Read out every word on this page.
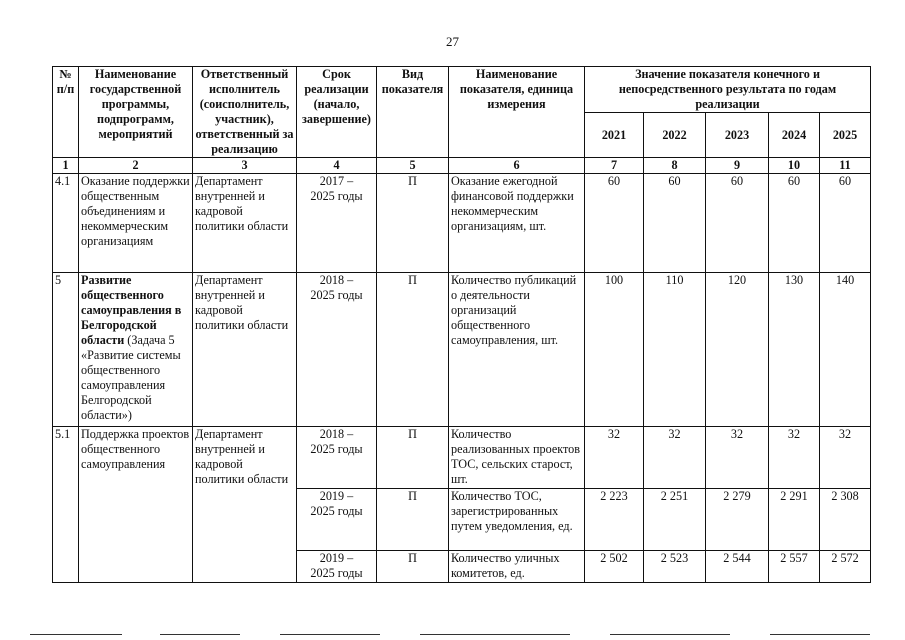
27
№
п/п	Наименование государственной программы, подпрограмм, мероприятий	Ответственный исполнитель (соисполнитель, участник), ответственный за реализацию	Срок реализации (начало, завершение)	Вид показателя	Наименование показателя, единица измерения	Значение показателя конечного и непосредственного результата по годам реализации				
						2021	2022	2023	2024	2025
1	2	3	4	5	6	7	8	9	10	11
4.1	Оказание поддержки общественным объединениям и некоммерческим организациям	Департамент внутренней и кадровой политики области	2017 – 2025 годы	П	Оказание ежегодной финансовой поддержки некоммерческим организациям, шт.	60	60	60	60	60
5	Развитие общественного самоуправления в Белгородской области (Задача 5 «Развитие системы общественного самоуправления Белгородской области»)	Департамент внутренней и кадровой политики области	2018 – 2025 годы	П	Количество публикаций о деятельности организаций общественного самоуправления, шт.	100	110	120	130	140
5.1	Поддержка проектов общественного самоуправления	Департамент внутренней и кадровой политики области	2018 – 2025 годы	П	Количество реализованных проектов ТОС, сельских старост, шт.	32	32	32	32	32
			2019 – 2025 годы	П	Количество ТОС, зарегистрированных путем уведомления, ед.	2 223	2 251	2 279	2 291	2 308
			2019 – 2025 годы	П	Количество уличных комитетов, ед.	2 502	2 523	2 544	2 557	2 572
